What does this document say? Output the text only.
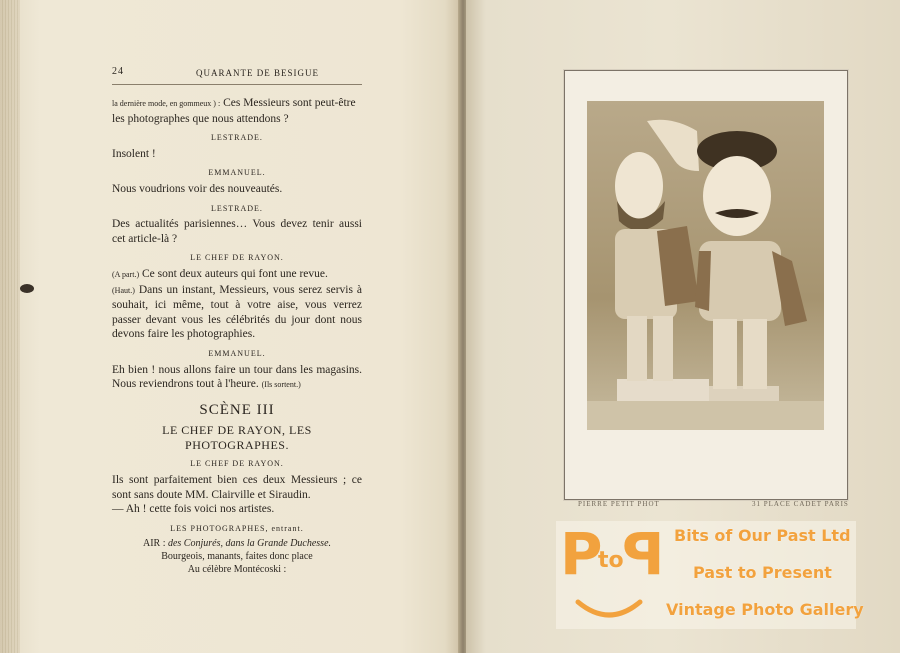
24	QUARANTE DE BESIGUE

la dernière mode, en gommeux ) : Ces Messieurs sont peut-être

les photographes que nous attendons ?

LESTRADE.

Insolent !

EMMANUEL.

Nous voudrions voir des nouveautés.

LESTRADE.

Des actualités parisiennes… Vous devez tenir aussi cet article-là ?

LE CHEF DE RAYON.

(A part.) Ce sont deux auteurs qui font une revue.

(Haut.) Dans un instant, Messieurs, vous serez servis à souhait, ici même, tout à votre aise, vous verrez passer devant vous les célébrités du jour dont nous devons faire les photographies.

EMMANUEL.

Eh bien ! nous allons faire un tour dans les magasins. Nous reviendrons tout à l'heure. (Ils sortent.)

SCÈNE III
LE CHEF DE RAYON, LES PHOTOGRAPHES.
LE CHEF DE RAYON.

Ils sont parfaitement bien ces deux Messieurs ; ce sont sans doute MM. Clairville et Siraudin.

— Ah ! cette fois voici nos artistes.

LES PHOTOGRAPHES, entrant.
AIR : des Conjurés, dans la Grande Duchesse.
Bourgeois, manants, faites donc place
Au célèbre Montécoski :
PIERRE PETIT PHOT	31 PLACE CADET PARIS
P
to
P Bits of Our Past Ltd
Past to Present
Vintage Photo Gallery
